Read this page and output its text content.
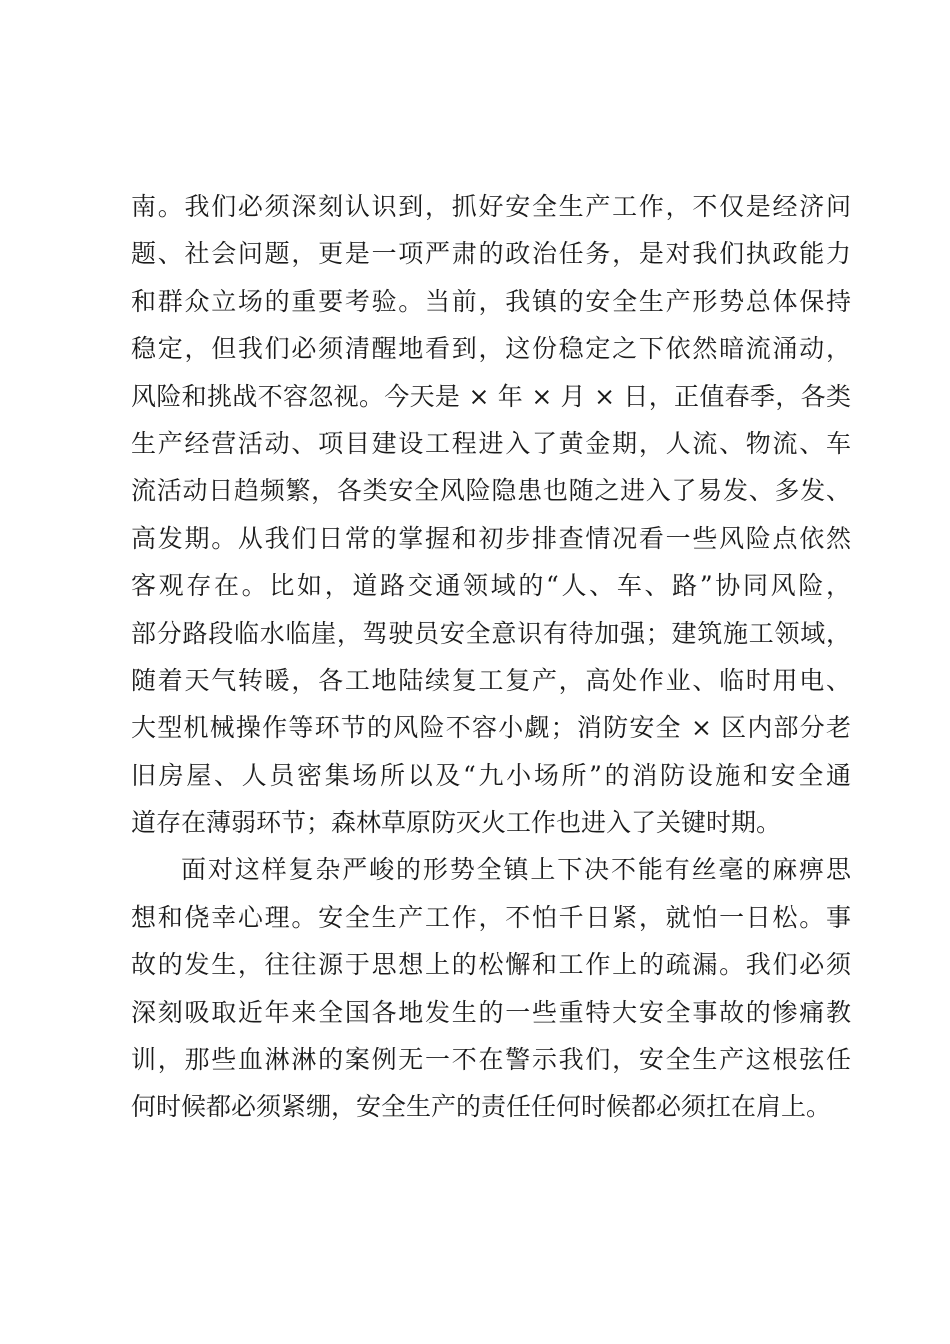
南。我们必须深刻认识到，抓好安全生产工作，不仅是经济问
题、社会问题，更是一项严肃的政治任务，是对我们执政能力
和群众立场的重要考验。当前，我镇的安全生产形势总体保持
稳定，但我们必须清醒地看到，这份稳定之下依然暗流涌动，
风险和挑战不容忽视。今天是 × 年 × 月 × 日，正值春季，各类
生产经营活动、项目建设工程进入了黄金期，人流、物流、车
流活动日趋频繁，各类安全风险隐患也随之进入了易发、多发、
高发期。从我们日常的掌握和初步排查情况看一些风险点依然
客观存在。比如，道路交通领域的“人、车、路”协同风险，
部分路段临水临崖，驾驶员安全意识有待加强；建筑施工领域，
随着天气转暖，各工地陆续复工复产，高处作业、临时用电、
大型机械操作等环节的风险不容小觑；消防安全 × 区内部分老
旧房屋、人员密集场所以及“九小场所”的消防设施和安全通
道存在薄弱环节；森林草原防灭火工作也进入了关键时期。
面对这样复杂严峻的形势全镇上下决不能有丝毫的麻痹思
想和侥幸心理。安全生产工作，不怕千日紧，就怕一日松。事
故的发生，往往源于思想上的松懈和工作上的疏漏。我们必须
深刻吸取近年来全国各地发生的一些重特大安全事故的惨痛教
训，那些血淋淋的案例无一不在警示我们，安全生产这根弦任
何时候都必须紧绷，安全生产的责任任何时候都必须扛在肩上。
